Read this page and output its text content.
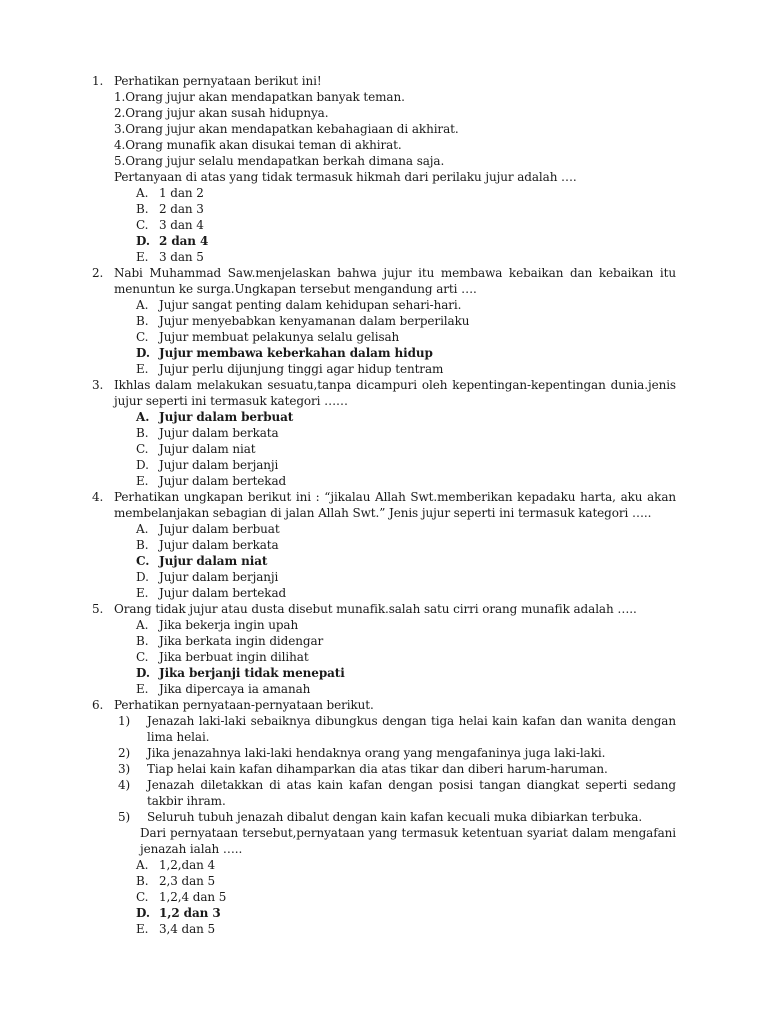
1. Perhatikan pernyataan berikut ini!
1.Orang jujur akan mendapatkan banyak teman.
2.Orang jujur akan susah hidupnya.
3.Orang jujur akan mendapatkan kebahagiaan di akhirat.
4.Orang munafik akan disukai teman di akhirat.
5.Orang jujur selalu mendapatkan berkah dimana saja.
Pertanyaan di atas yang tidak termasuk hikmah dari perilaku jujur adalah ….
A. 1 dan 2
B. 2 dan 3
C. 3 dan 4
D. 2 dan 4
E. 3 dan 5
2. Nabi Muhammad Saw.menjelaskan bahwa jujur itu membawa kebaikan dan kebaikan itu menuntun ke surga.Ungkapan tersebut mengandung arti ….
A. Jujur sangat penting dalam kehidupan sehari-hari.
B. Jujur menyebabkan kenyamanan dalam berperilaku
C. Jujur membuat pelakunya selalu gelisah
D. Jujur membawa keberkahan dalam hidup
E. Jujur perlu dijunjung tinggi agar hidup tentram
3. Ikhlas dalam melakukan sesuatu,tanpa dicampuri oleh kepentingan-kepentingan dunia.jenis jujur seperti ini termasuk kategori ……
A. Jujur dalam berbuat
B. Jujur dalam berkata
C. Jujur dalam niat
D. Jujur dalam berjanji
E. Jujur dalam bertekad
4. Perhatikan ungkapan berikut ini : “jikalau Allah Swt.memberikan kepadaku harta, aku akan membelanjakan sebagian di jalan Allah Swt.” Jenis jujur seperti ini termasuk kategori …..
A. Jujur dalam berbuat
B. Jujur dalam berkata
C. Jujur dalam niat
D. Jujur dalam berjanji
E. Jujur dalam bertekad
5. Orang tidak jujur atau dusta disebut munafik.salah satu cirri orang munafik adalah …..
A. Jika bekerja ingin upah
B. Jika berkata ingin didengar
C. Jika berbuat ingin dilihat
D. Jika berjanji tidak menepati
E. Jika dipercaya ia amanah
6. Perhatikan pernyataan-pernyataan berikut.
1) Jenazah laki-laki sebaiknya dibungkus dengan tiga helai kain kafan dan wanita dengan lima helai.
2) Jika jenazahnya laki-laki hendaknya orang yang mengafaninya juga laki-laki.
3) Tiap helai kain kafan dihamparkan dia atas tikar dan diberi harum-haruman.
4) Jenazah diletakkan di atas kain kafan dengan posisi tangan diangkat seperti sedang takbir ihram.
5) Seluruh tubuh jenazah dibalut dengan kain kafan kecuali muka dibiarkan terbuka.
Dari pernyataan tersebut,pernyataan yang termasuk ketentuan syariat dalam mengafani jenazah ialah …..
A. 1,2,dan 4
B. 2,3 dan 5
C. 1,2,4 dan 5
D. 1,2 dan 3
E. 3,4 dan 5
